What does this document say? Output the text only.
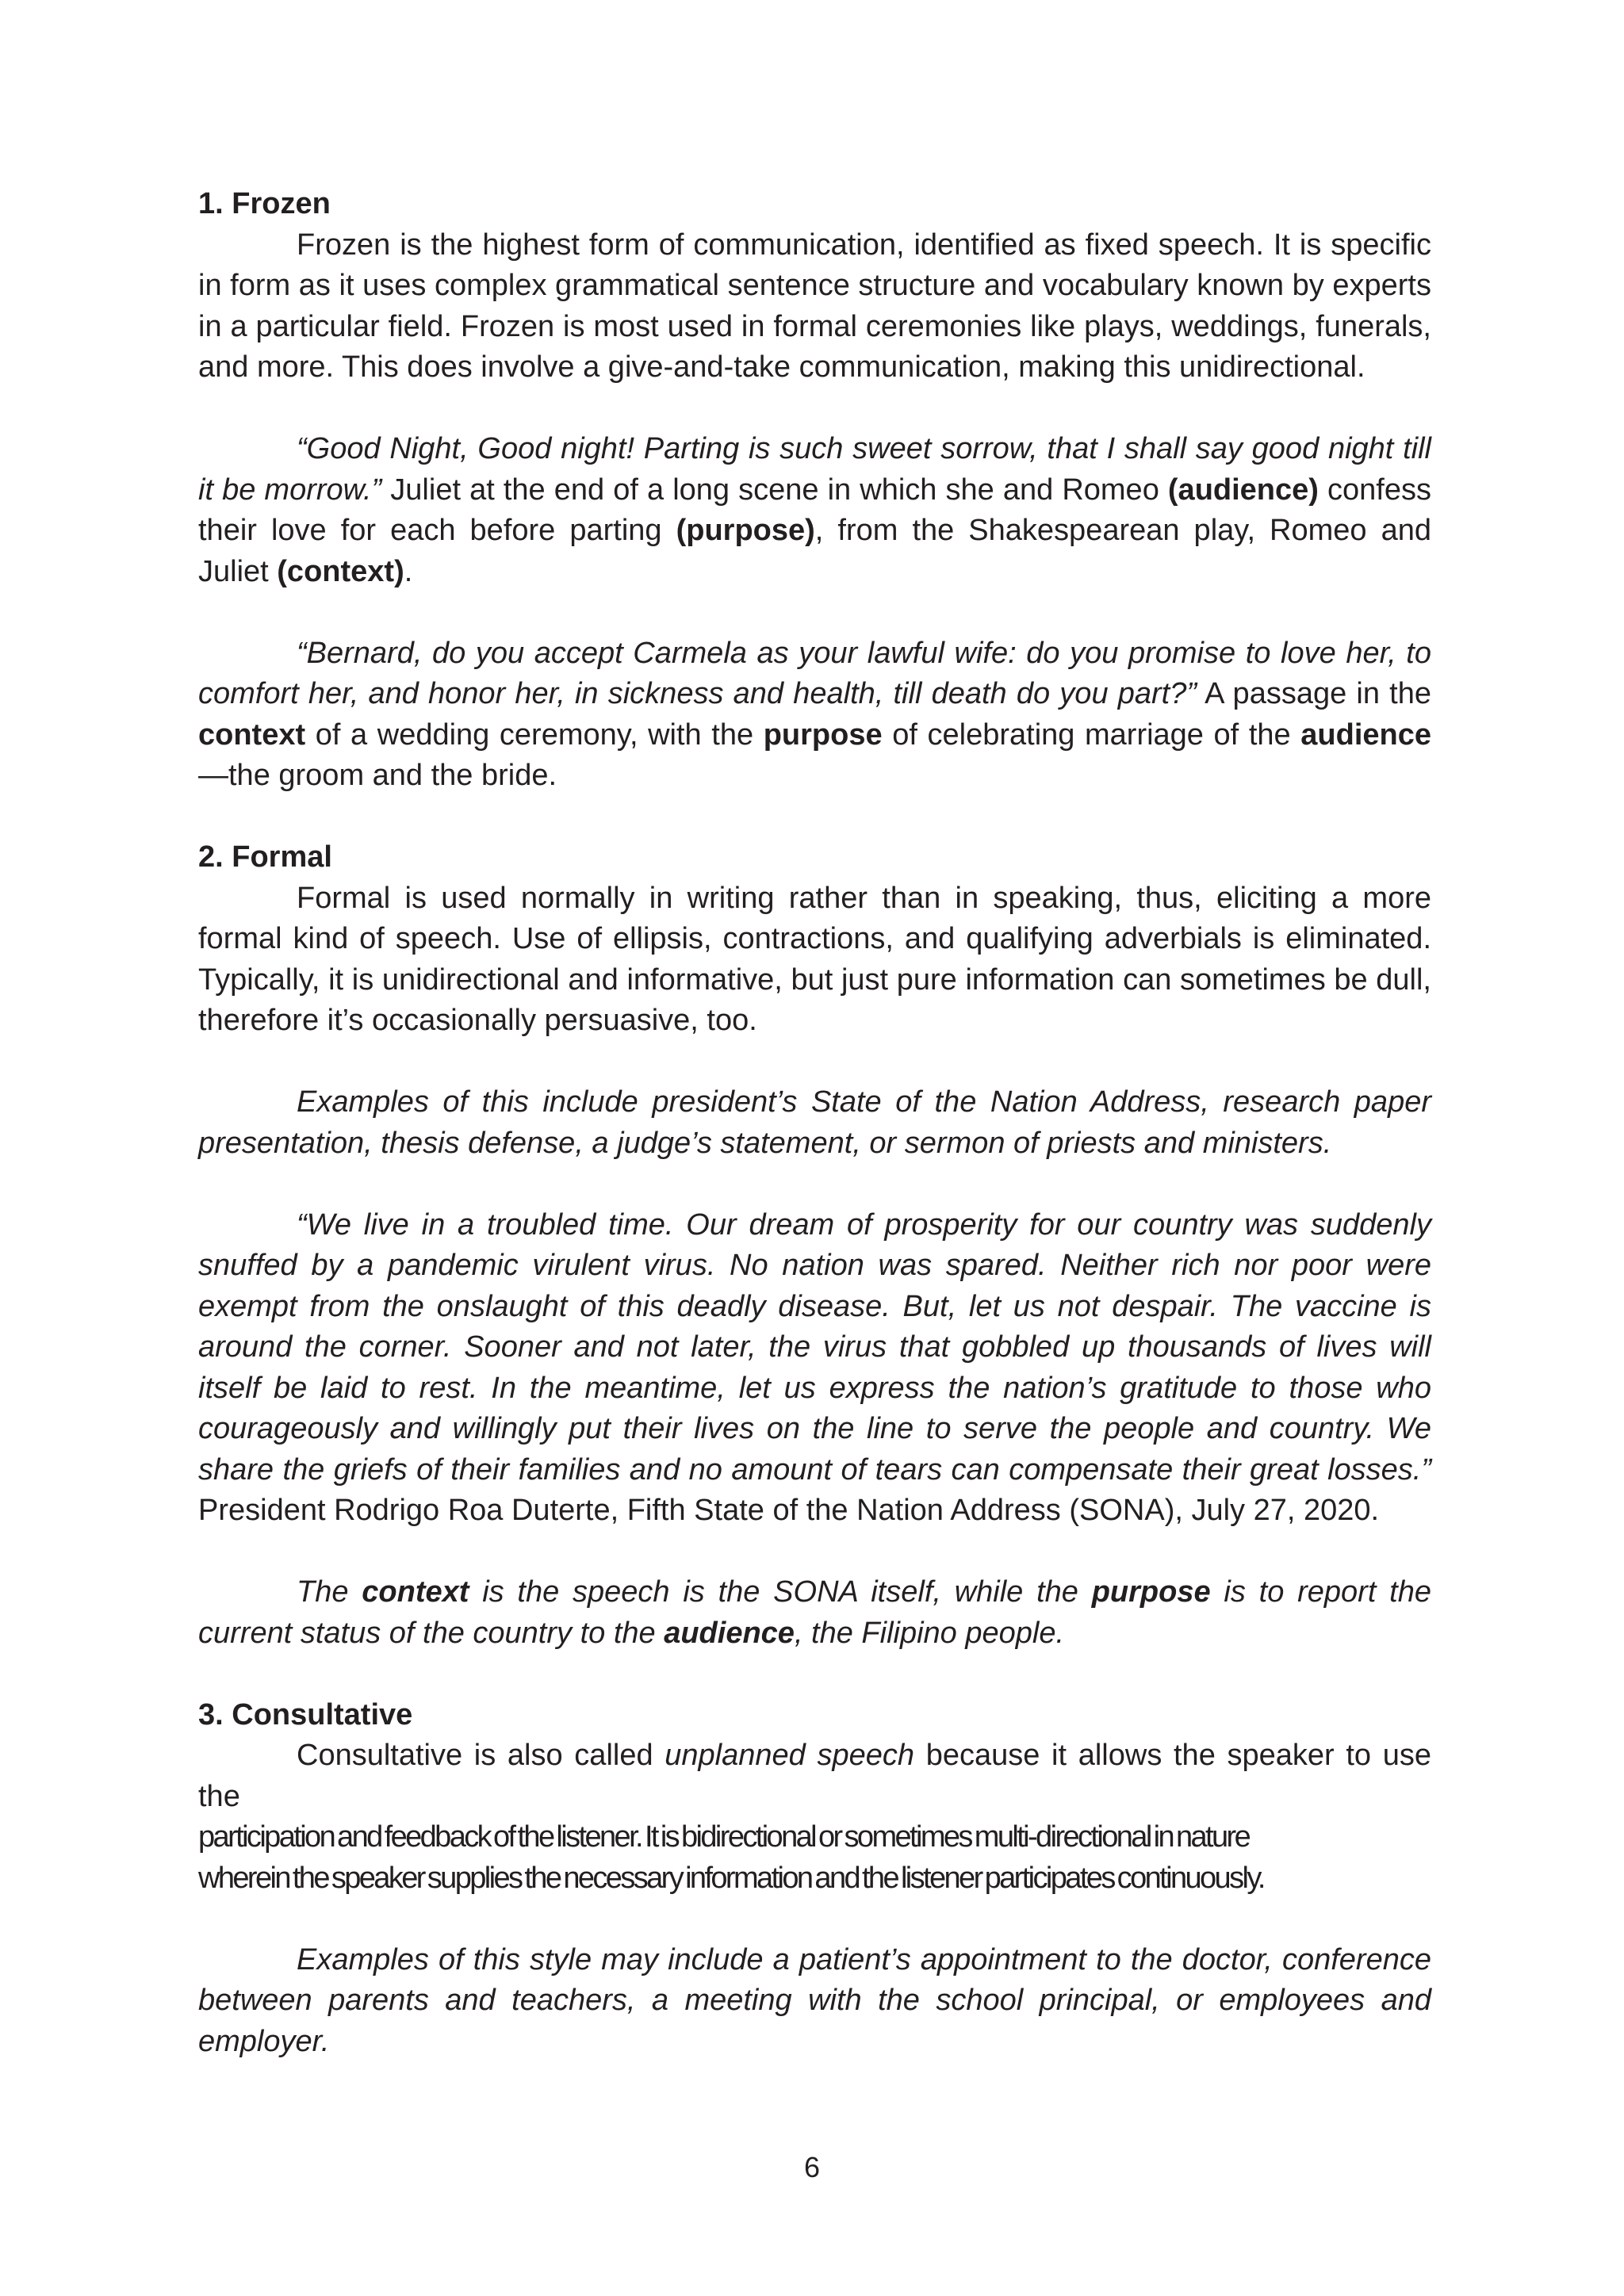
1. Frozen

Frozen is the highest form of communication, identified as fixed speech. It is specific in form as it uses complex grammatical sentence structure and vocabulary known by experts in a particular field. Frozen is most used in formal ceremonies like plays, weddings, funerals, and more. This does involve a give-and-take communication, making this unidirectional.

“Good Night, Good night! Parting is such sweet sorrow, that I shall say good night till it be morrow.” Juliet at the end of a long scene in which she and Romeo (audience) confess their love for each before parting (purpose), from the Shakespearean play, Romeo and Juliet (context).

“Bernard, do you accept Carmela as your lawful wife: do you promise to love her, to comfort her, and honor her, in sickness and health, till death do you part?” A passage in the context of a wedding ceremony, with the purpose of celebrating marriage of the audience—the groom and the bride.

2. Formal

Formal is used normally in writing rather than in speaking, thus, eliciting a more formal kind of speech. Use of ellipsis, contractions, and qualifying adverbials is eliminated. Typically, it is unidirectional and informative, but just pure information can sometimes be dull, therefore it’s occasionally persuasive, too.

Examples of this include president’s State of the Nation Address, research paper presentation, thesis defense, a judge’s statement, or sermon of priests and ministers.

“We live in a troubled time. Our dream of prosperity for our country was suddenly snuffed by a pandemic virulent virus. No nation was spared. Neither rich nor poor were exempt from the onslaught of this deadly disease. But, let us not despair. The vaccine is around the corner. Sooner and not later, the virus that gobbled up thousands of lives will itself be laid to rest. In the meantime, let us express the nation’s gratitude to those who courageously and willingly put their lives on the line to serve the people and country. We share the griefs of their families and no amount of tears can compensate their great losses.” President Rodrigo Roa Duterte, Fifth State of the Nation Address (SONA), July 27, 2020.

The context is the speech is the SONA itself, while the purpose is to report the current status of the country to the audience, the Filipino people.

3. Consultative

Consultative is also called unplanned speech because it allows the speaker to use the

participation and feedback of the listener. It is bidirectional or sometimes multi-directional in nature

wherein the speaker supplies the necessary information and the listener participates continuously.

Examples of this style may include a patient’s appointment to the doctor, conference between parents and teachers, a meeting with the school principal, or employees and employer.

6
